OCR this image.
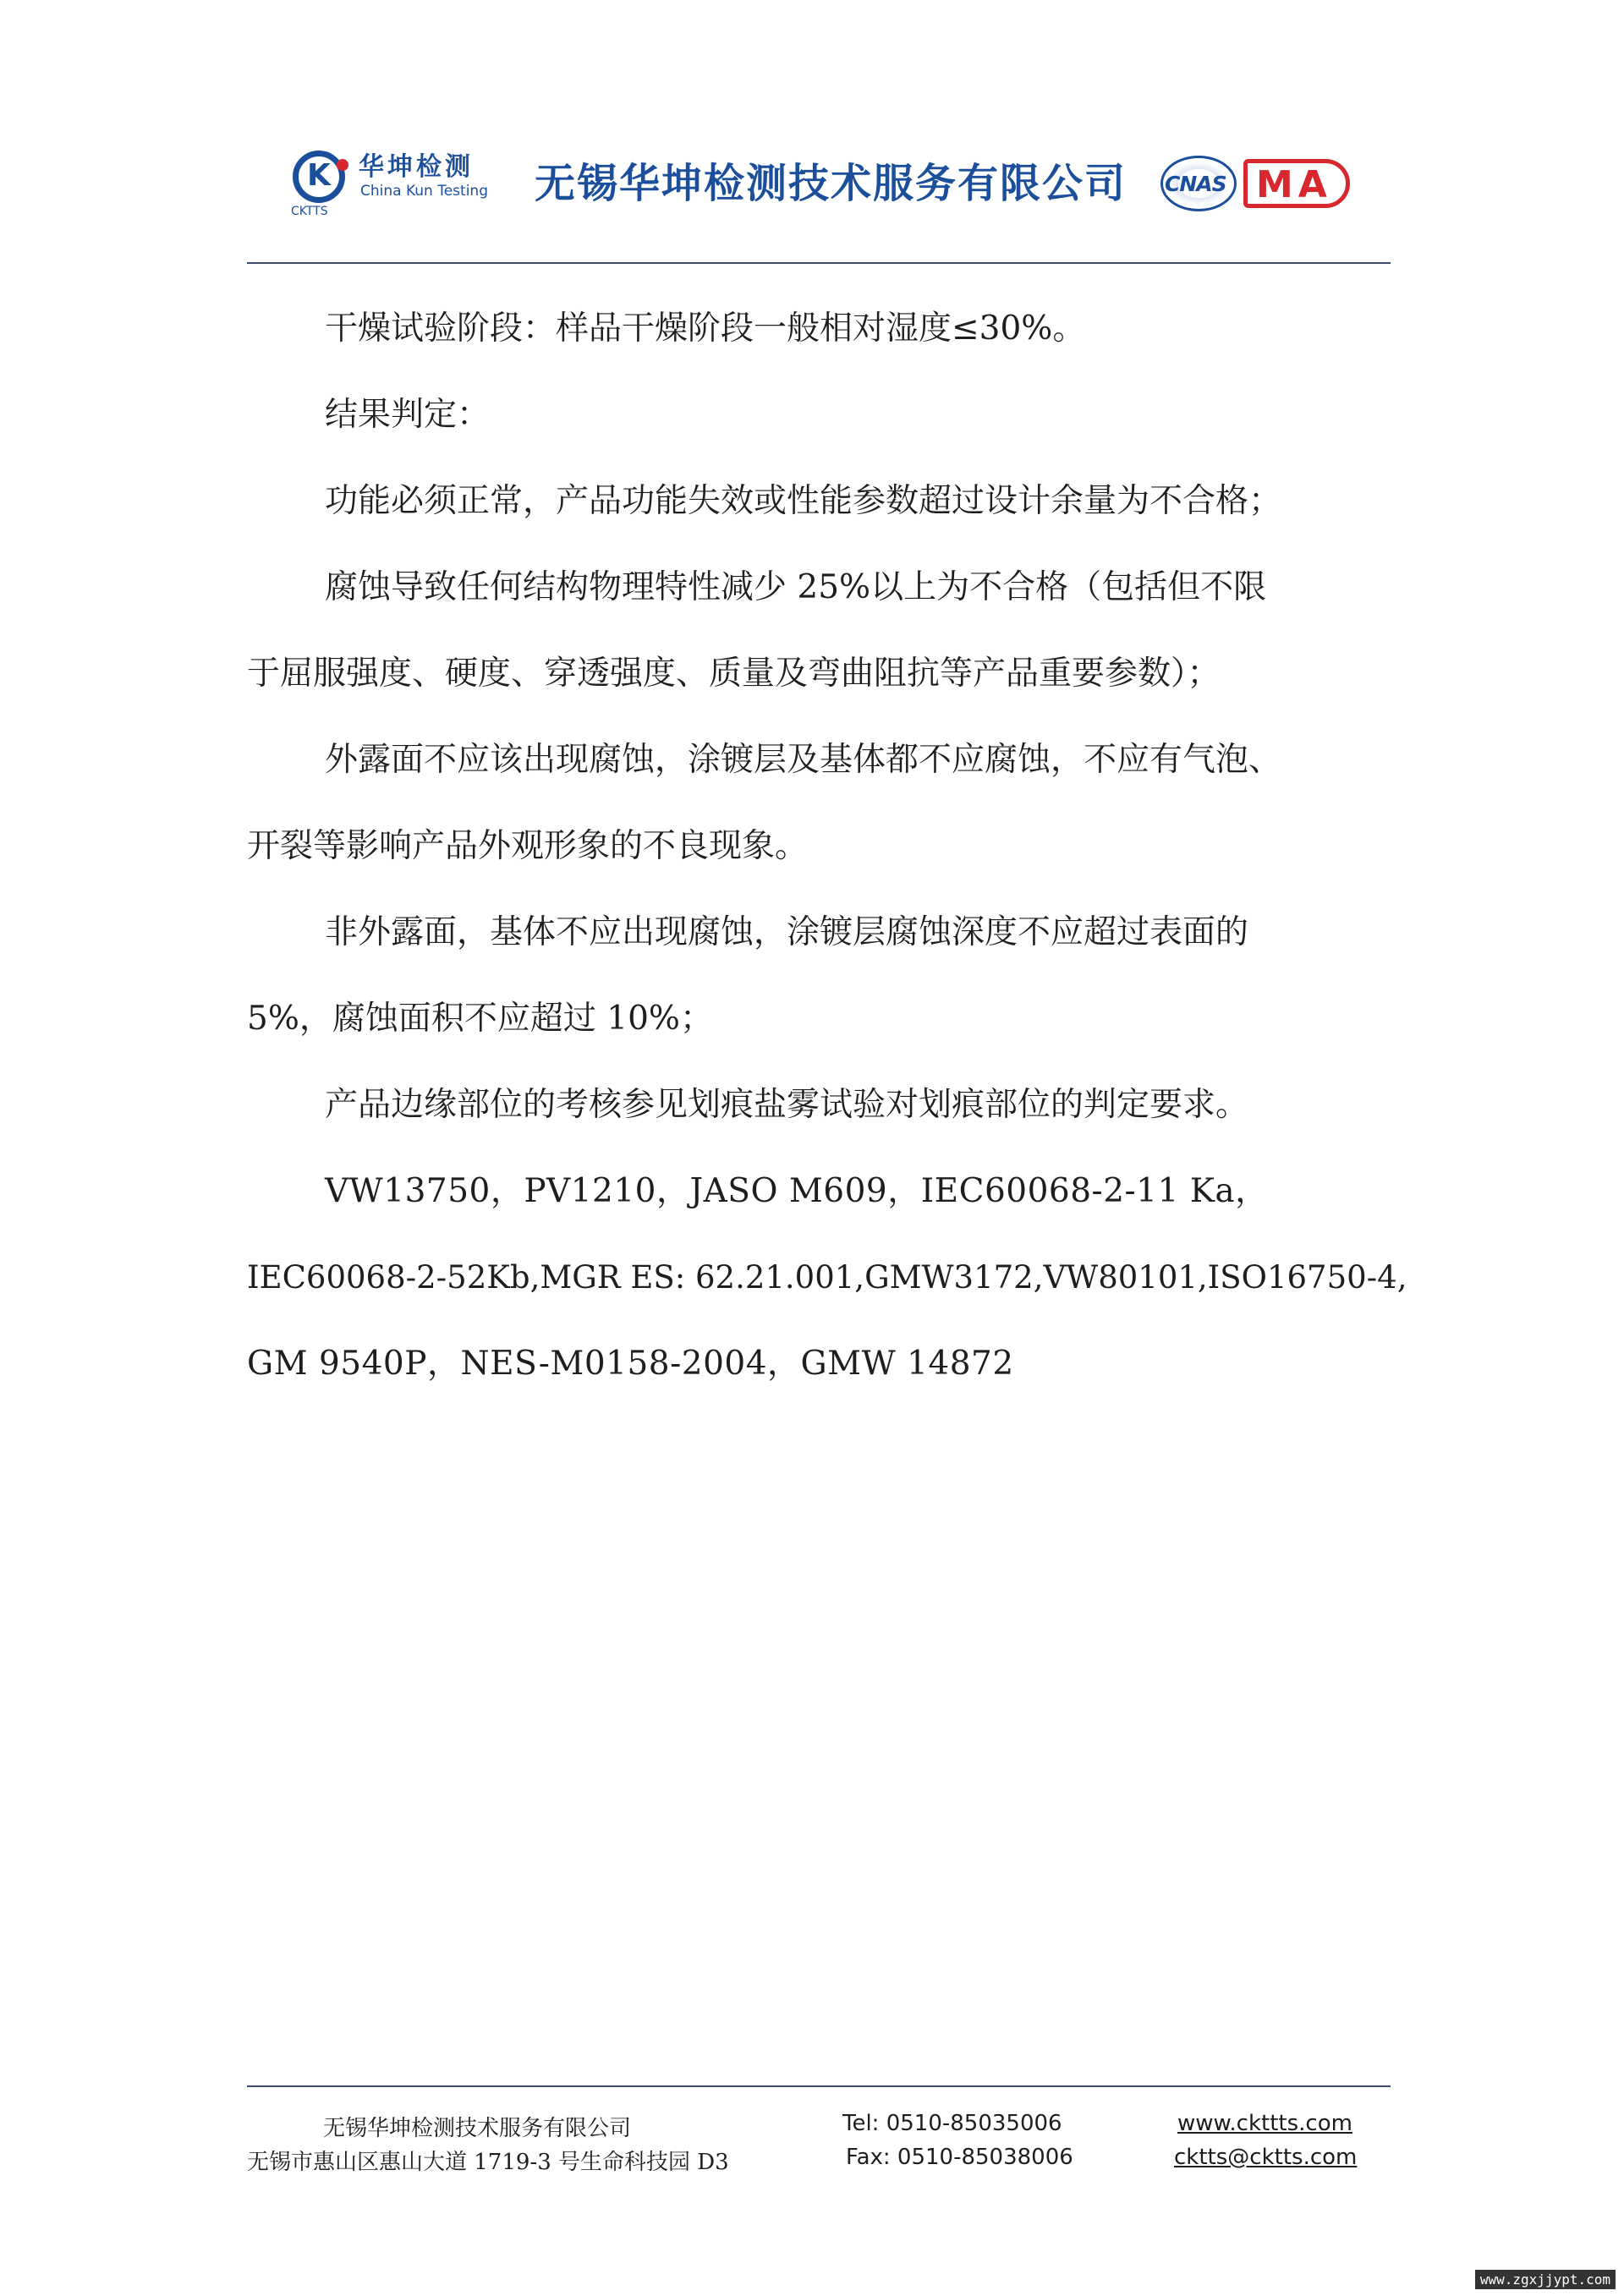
K 华坤检测
China Kun Testing
CKTTS
无锡华坤检测技术服务有限公司 CNAS MA
干燥试验阶段：样品干燥阶段一般相对湿度≤30%。
结果判定：
功能必须正常，产品功能失效或性能参数超过设计余量为不合格；
腐蚀导致任何结构物理特性减少 25%以上为不合格（包括但不限
于屈服强度、硬度、穿透强度、质量及弯曲阻抗等产品重要参数）；
外露面不应该出现腐蚀，涂镀层及基体都不应腐蚀，不应有气泡、
开裂等影响产品外观形象的不良现象。
非外露面，基体不应出现腐蚀，涂镀层腐蚀深度不应超过表面的
5%，腐蚀面积不应超过 10%；
产品边缘部位的考核参见划痕盐雾试验对划痕部位的判定要求。
VW13750，PV1210，JASO M609，IEC60068-2-11 Ka，
IEC60068-2-52Kb,MGR ES: 62.21.001,GMW3172,VW80101,ISO16750-4,
GM 9540P，NES-M0158-2004，GMW 14872
无锡华坤检测技术服务有限公司
无锡市惠山区惠山大道 1719-3 号生命科技园 D3
Tel: 0510-85035006
Fax: 0510-85038006
www.ckttts.com
cktts@cktts.com
www.zgxjjypt.com
